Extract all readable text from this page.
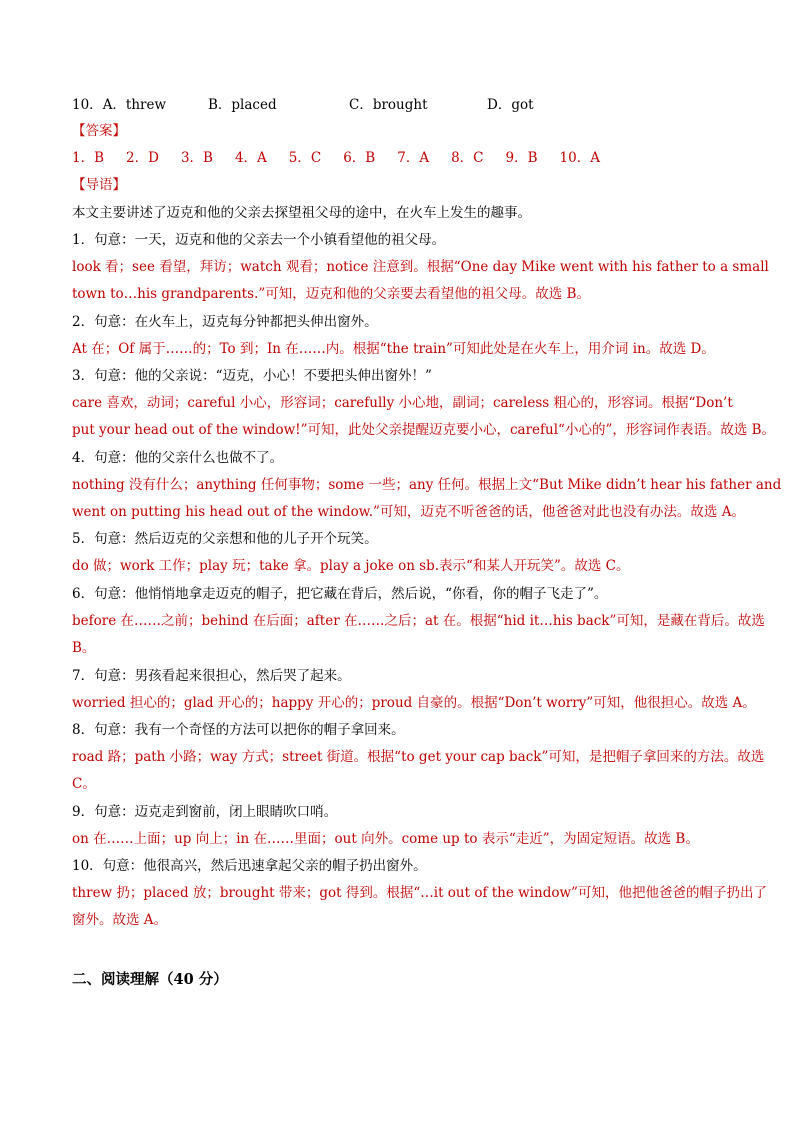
10．A．threw	B．placed	C．brought	D．got
【答案】
1．B 2．D 3．B 4．A 5．C 6．B 7．A 8．C 9．B 10．A
【导语】
本文主要讲述了迈克和他的父亲去探望祖父母的途中，在火车上发生的趣事。
1．句意：一天，迈克和他的父亲去一个小镇看望他的祖父母。
look 看；see 看望，拜访；watch 观看；notice 注意到。根据“One day Mike went with his father to a small
town to…his grandparents.”可知，迈克和他的父亲要去看望他的祖父母。故选 B。
2．句意：在火车上，迈克每分钟都把头伸出窗外。
At 在；Of 属于……的；To 到；In 在……内。根据“the train”可知此处是在火车上，用介词 in。故选 D。
3．句意：他的父亲说：“迈克，小心！不要把头伸出窗外！”
care 喜欢，动词；careful 小心，形容词；carefully 小心地，副词；careless 粗心的，形容词。根据“Don’t
put your head out of the window!”可知，此处父亲提醒迈克要小心，careful“小心的”，形容词作表语。故选 B。
4．句意：他的父亲什么也做不了。
nothing 没有什么；anything 任何事物；some 一些；any 任何。根据上文“But Mike didn’t hear his father and
went on putting his head out of the window.”可知，迈克不听爸爸的话，他爸爸对此也没有办法。故选 A。
5．句意：然后迈克的父亲想和他的儿子开个玩笑。
do 做；work 工作；play 玩；take 拿。play a joke on sb.表示“和某人开玩笑”。故选 C。
6．句意：他悄悄地拿走迈克的帽子，把它藏在背后，然后说，“你看，你的帽子飞走了”。
before 在……之前；behind 在后面；after 在……之后；at 在。根据“hid it…his back”可知，是藏在背后。故选
B。
7．句意：男孩看起来很担心，然后哭了起来。
worried 担心的；glad 开心的；happy 开心的；proud 自豪的。根据“Don’t worry”可知，他很担心。故选 A。
8．句意：我有一个奇怪的方法可以把你的帽子拿回来。
road 路；path 小路；way 方式；street 街道。根据“to get your cap back”可知，是把帽子拿回来的方法。故选
C。
9．句意：迈克走到窗前，闭上眼睛吹口哨。
on 在……上面；up 向上；in 在……里面；out 向外。come up to 表示“走近”，为固定短语。故选 B。
10．句意：他很高兴，然后迅速拿起父亲的帽子扔出窗外。
threw 扔；placed 放；brought 带来；got 得到。根据“…it out of the window”可知，他把他爸爸的帽子扔出了
窗外。故选 A。
二、阅读理解（40 分）
